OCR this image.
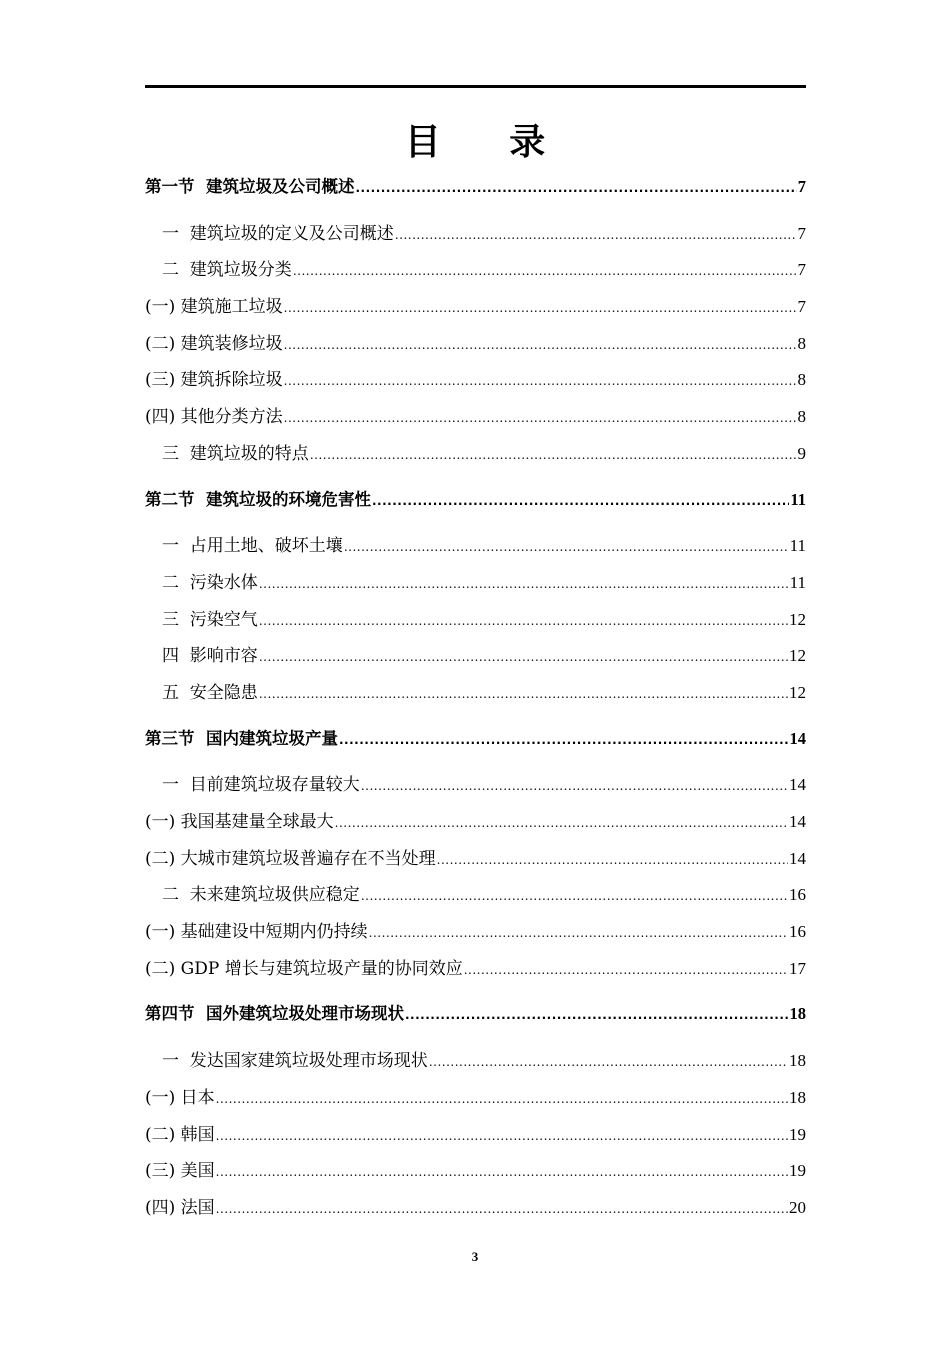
目 录
第一节  建筑垃圾及公司概述 .....	7
一  建筑垃圾的定义及公司概述 .....	7
二  建筑垃圾分类 .....	7
(一) 建筑施工垃圾 .....	7
(二) 建筑装修垃圾 .....	8
(三) 建筑拆除垃圾 .....	8
(四) 其他分类方法 .....	8
三  建筑垃圾的特点 .....	9
第二节  建筑垃圾的环境危害性 .....	11
一  占用土地、破坏土壤 .....	11
二  污染水体 .....	11
三  污染空气 .....	12
四  影响市容 .....	12
五  安全隐患 .....	12
第三节  国内建筑垃圾产量 .....	14
一  目前建筑垃圾存量较大 .....	14
(一) 我国基建量全球最大 .....	14
(二) 大城市建筑垃圾普遍存在不当处理 .....	14
二  未来建筑垃圾供应稳定 .....	16
(一) 基础建设中短期内仍持续 .....	16
(二) GDP 增长与建筑垃圾产量的协同效应 .....	17
第四节  国外建筑垃圾处理市场现状 .....	18
一  发达国家建筑垃圾处理市场现状 .....	18
(一) 日本 .....	18
(二) 韩国 .....	19
(三) 美国 .....	19
(四) 法国 .....	20
3
